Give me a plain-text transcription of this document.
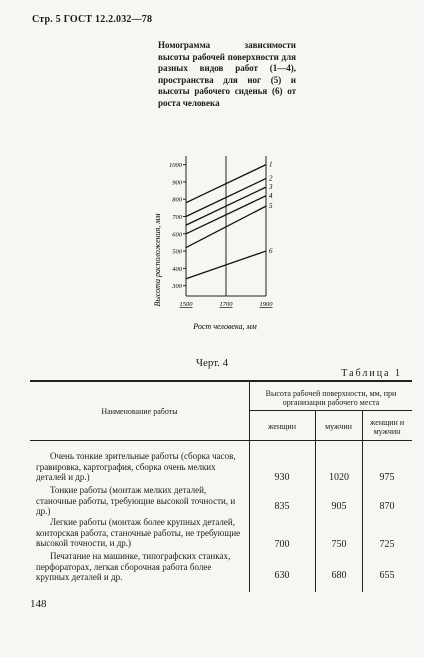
Стр. 5 ГОСТ 12.2.032—78
Номограмма зависимости высоты рабочей поверхности для разных видов работ (1—4), пространства для ног (5) и высоты рабочего сиденья (6) от роста человека
1
2
3
4
5
6
1000
900
800
700
600
500
400
300
1500	1700	1900
Высота расположения, мм
Рост человека, мм
Черт. 4
Таблица 1
Наименование работы
Высота рабочей поверхности, мм, при организации рабочего места
женщин	мужчин	женщин и мужчин
Очень тонкие зрительные работы (сборка часов, гравировка, картография, сборка очень мелких деталей и др.)	930	1020	975
Тонкие работы (монтаж мелких деталей, станочные работы, требующие высокой точности, и др.)	835	905	870
Легкие работы (монтаж более крупных деталей, конторская работа, станочные работы, не требующие высокой точности, и др.)	700	750	725
Печатание на машинке, типографских станках, перфораторах, легкая сборочная работа более крупных деталей и др.	630	680	655
148
